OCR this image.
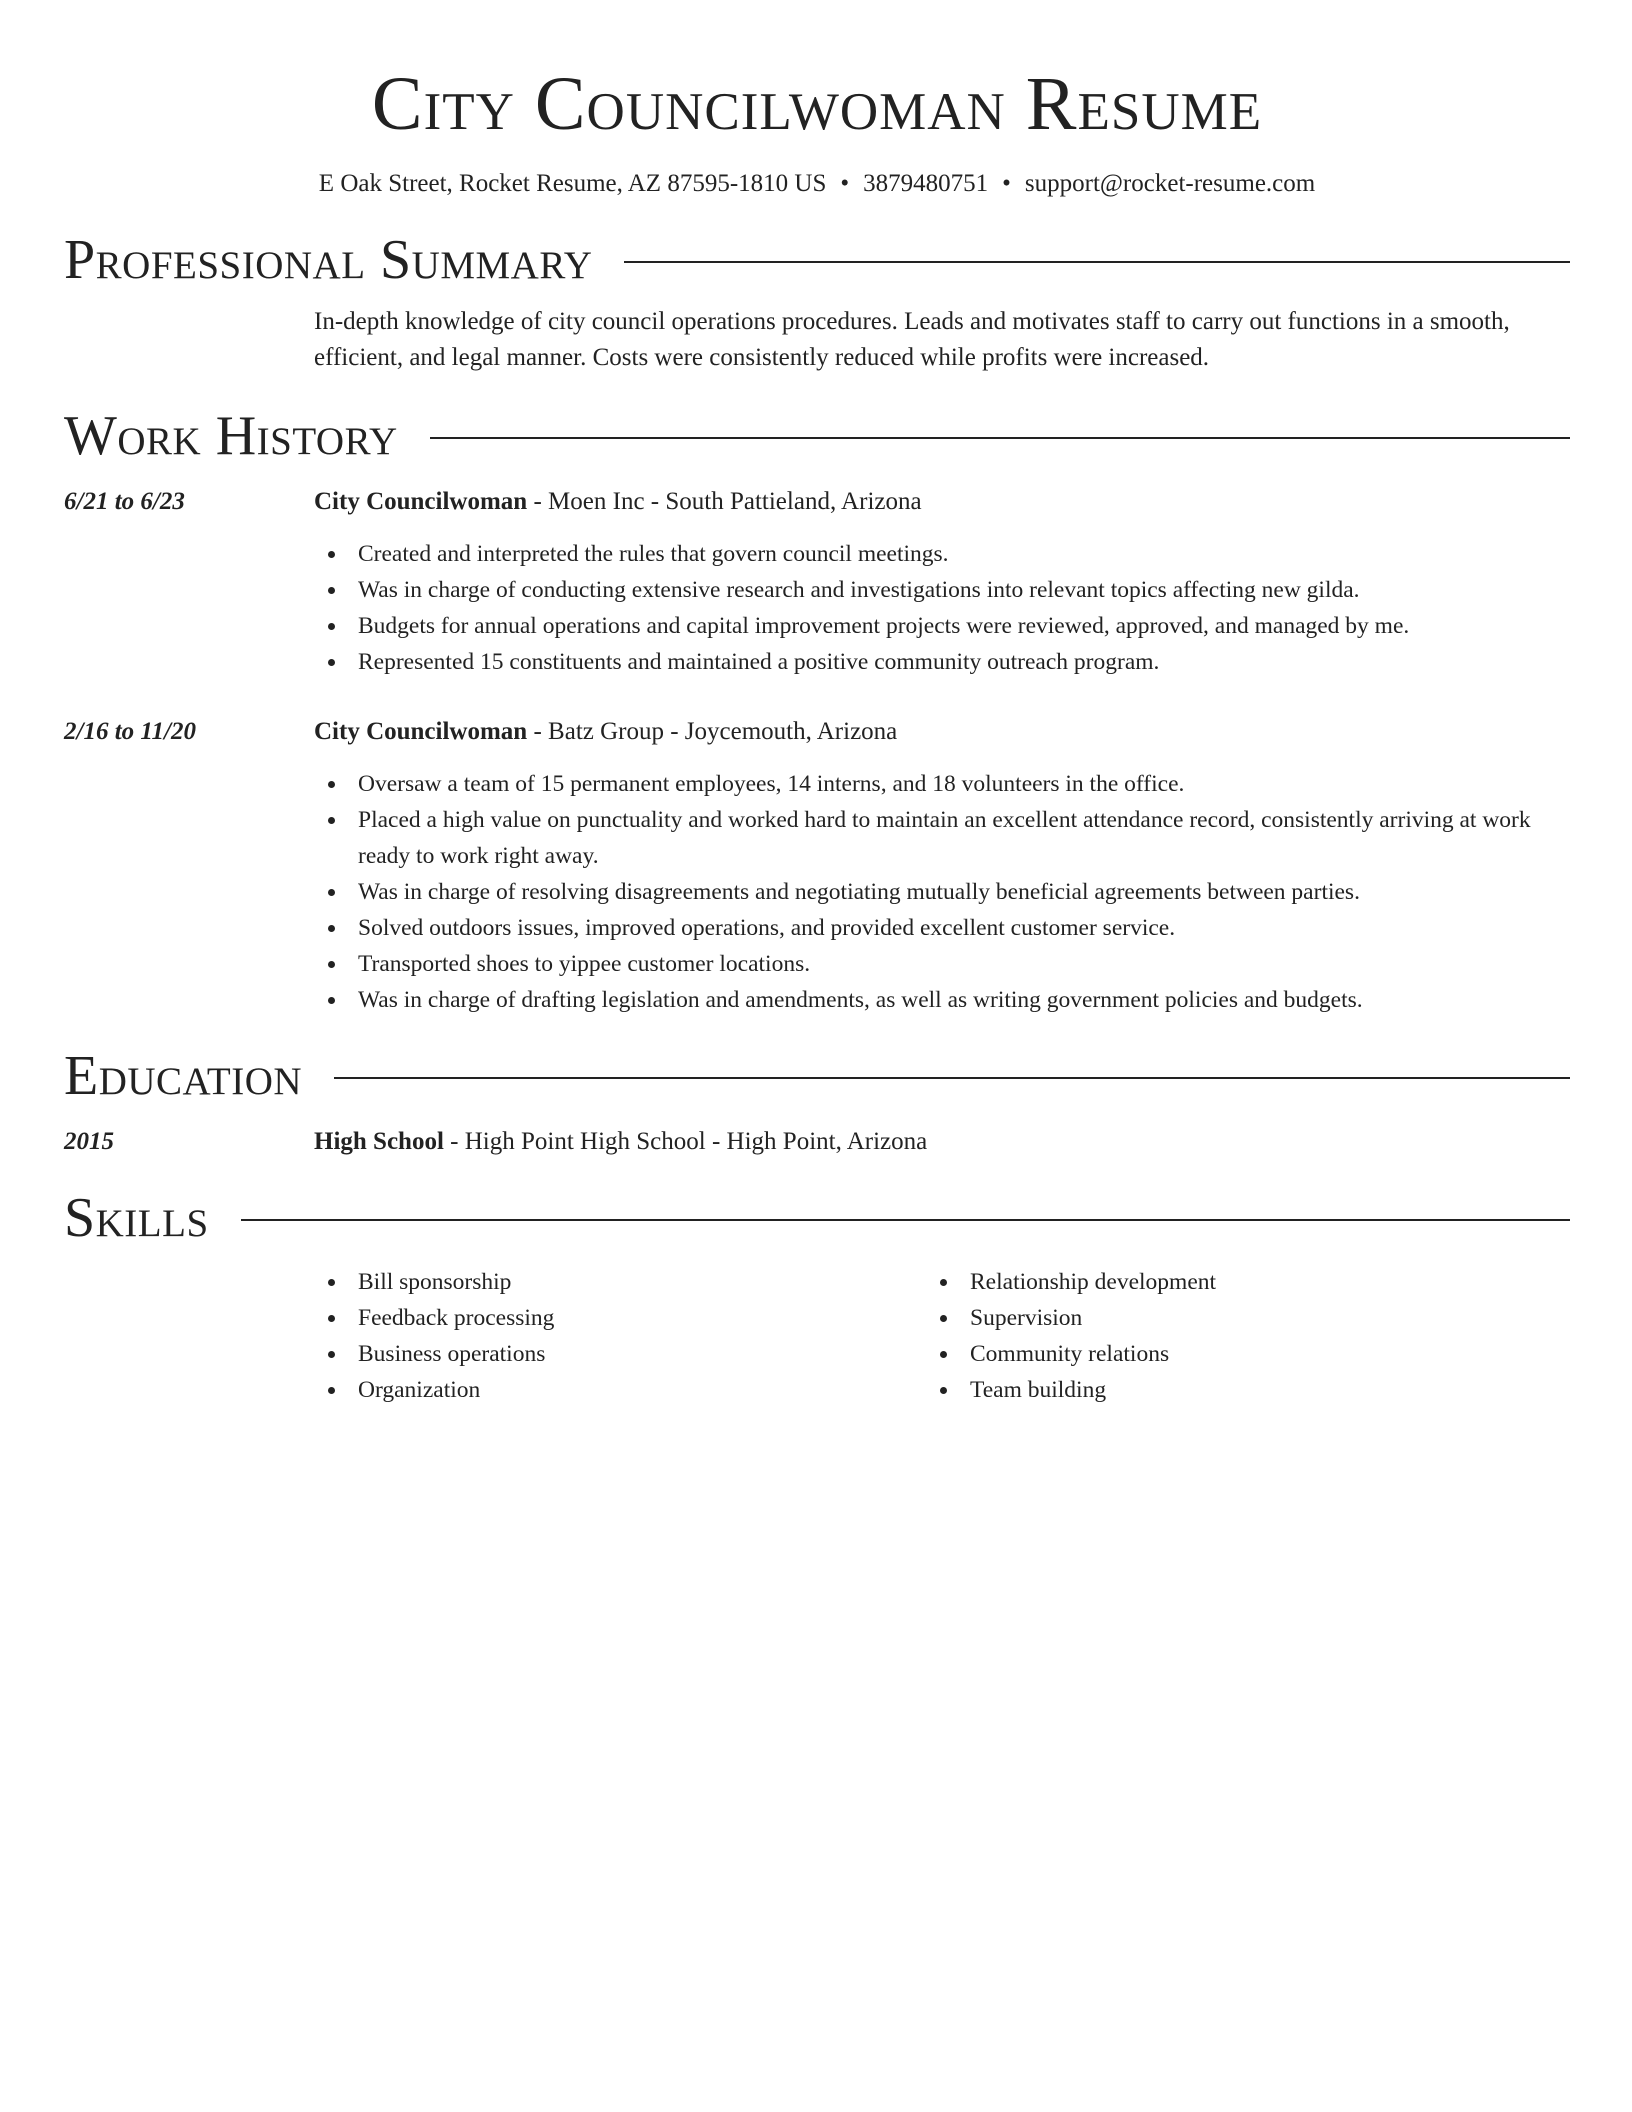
City Councilwoman Resume
E Oak Street, Rocket Resume, AZ 87595-1810 US • 3879480751 • support@rocket-resume.com
Professional Summary
In-depth knowledge of city council operations procedures. Leads and motivates staff to carry out functions in a smooth, efficient, and legal manner. Costs were consistently reduced while profits were increased.
Work History
6/21 to 6/23	City Councilwoman - Moen Inc - South Pattieland, Arizona
Created and interpreted the rules that govern council meetings.
Was in charge of conducting extensive research and investigations into relevant topics affecting new gilda.
Budgets for annual operations and capital improvement projects were reviewed, approved, and managed by me.
Represented 15 constituents and maintained a positive community outreach program.
2/16 to 11/20	City Councilwoman - Batz Group - Joycemouth, Arizona
Oversaw a team of 15 permanent employees, 14 interns, and 18 volunteers in the office.
Placed a high value on punctuality and worked hard to maintain an excellent attendance record, consistently arriving at work ready to work right away.
Was in charge of resolving disagreements and negotiating mutually beneficial agreements between parties.
Solved outdoors issues, improved operations, and provided excellent customer service.
Transported shoes to yippee customer locations.
Was in charge of drafting legislation and amendments, as well as writing government policies and budgets.
Education
2015	High School - High Point High School - High Point, Arizona
Skills
Bill sponsorship
Feedback processing
Business operations
Organization
Relationship development
Supervision
Community relations
Team building
